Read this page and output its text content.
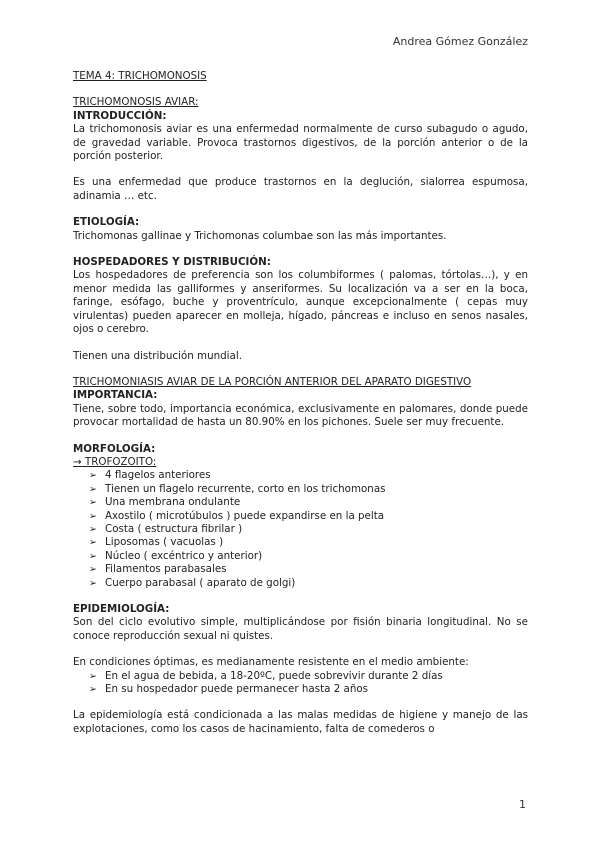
Andrea Gómez González
TEMA 4: TRICHOMONOSIS
TRICHOMONOSIS AVIAR:
INTRODUCCIÓN:

La trichomonosis aviar es una enfermedad normalmente de curso subagudo o agudo, de gravedad variable. Provoca trastornos digestivos, de la porción anterior o de la porción posterior.

Es una enfermedad que produce trastornos en la deglución, sialorrea espumosa, adinamia … etc.

ETIOLOGÍA:

Trichomonas gallinae y Trichomonas columbae son las más importantes.

HOSPEDADORES Y DISTRIBUCIÓN:

Los hospedadores de preferencia son los columbiformes ( palomas, tórtolas…), y en menor medida las galliformes y anseriformes. Su localización va a ser en la boca, faringe, esófago, buche y proventrículo, aunque excepcionalmente ( cepas muy virulentas) pueden aparecer en molleja, hígado, páncreas e incluso en senos nasales, ojos o cerebro.

Tienen una distribución mundial.

TRICHOMONIASIS AVIAR DE LA PORCIÓN ANTERIOR DEL APARATO DIGESTIVO
IMPORTANCIA:

Tiene, sobre todo, importancia económica, exclusivamente en palomares, donde puede provocar mortalidad de hasta un 80.90% en los pichones. Suele ser muy frecuente.

MORFOLOGÍA:
→ TROFOZOITO:
➢ 4 flagelos anteriores
➢ Tienen un flagelo recurrente, corto en los trichomonas
➢ Una membrana ondulante
➢ Axostilo ( microtúbulos ) puede expandirse en la pelta
➢ Costa ( estructura fibrilar )
➢ Liposomas ( vacuolas )
➢ Núcleo ( excéntrico y anterior)
➢ Filamentos parabasales
➢ Cuerpo parabasal ( aparato de golgi)
EPIDEMIOLOGÍA:

Son del ciclo evolutivo simple, multiplicándose por fisión binaria longitudinal. No se conoce reproducción sexual ni quistes.

En condiciones óptimas, es medianamente resistente en el medio ambiente:

➢ En el agua de bebida, a 18-20ºC, puede sobrevivir durante 2 días
➢ En su hospedador puede permanecer hasta 2 años

La epidemiología está condicionada a las malas medidas de higiene y manejo de las explotaciones, como los casos de hacinamiento, falta de comederos o

1
